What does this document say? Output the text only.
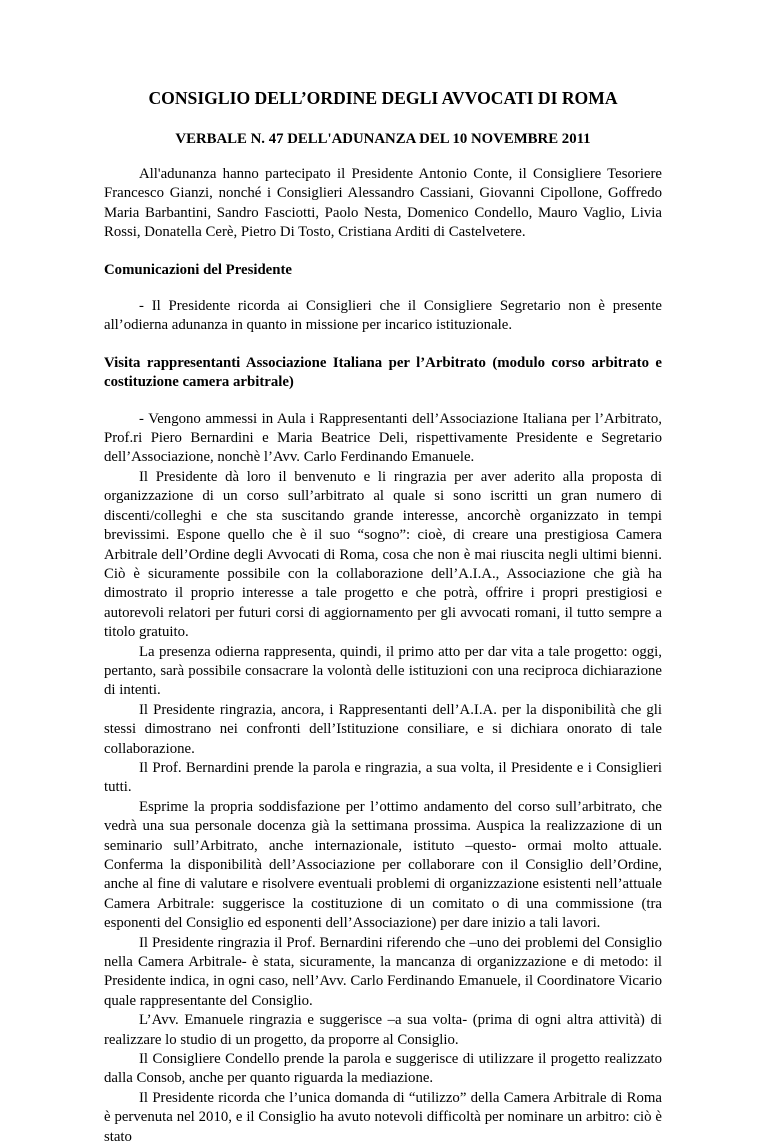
CONSIGLIO DELL’ORDINE DEGLI AVVOCATI DI ROMA
VERBALE N. 47 DELL'ADUNANZA DEL 10 NOVEMBRE 2011

All'adunanza hanno partecipato il Presidente Antonio Conte, il Consigliere Tesoriere Francesco Gianzi, nonché i Consiglieri Alessandro Cassiani, Giovanni Cipollone, Goffredo Maria Barbantini, Sandro Fasciotti, Paolo Nesta, Domenico Condello, Mauro Vaglio, Livia Rossi, Donatella Cerè, Pietro Di Tosto, Cristiana Arditi di Castelvetere.

Comunicazioni del Presidente

- Il Presidente ricorda ai Consiglieri che il Consigliere Segretario non è presente all’odierna adunanza in quanto in missione per incarico istituzionale.

Visita rappresentanti Associazione Italiana per l’Arbitrato (modulo corso arbitrato e costituzione camera arbitrale)

- Vengono ammessi in Aula i Rappresentanti dell’Associazione Italiana per l’Arbitrato, Prof.ri Piero Bernardini e Maria Beatrice Deli, rispettivamente Presidente e Segretario dell’Associazione, nonchè l’Avv. Carlo Ferdinando Emanuele.

Il Presidente dà loro il benvenuto e li ringrazia per aver aderito alla proposta di organizzazione di un corso sull’arbitrato al quale si sono iscritti un gran numero di discenti/colleghi e che sta suscitando grande interesse, ancorchè organizzato in tempi brevissimi. Espone quello che è il suo “sogno”: cioè, di creare una prestigiosa Camera Arbitrale dell’Ordine degli Avvocati di Roma, cosa che non è mai riuscita negli ultimi bienni. Ciò è sicuramente possibile con la collaborazione dell’A.I.A., Associazione che già ha dimostrato il proprio interesse a tale progetto e che potrà, offrire i propri prestigiosi e autorevoli relatori per futuri corsi di aggiornamento per gli avvocati romani, il tutto sempre a titolo gratuito.

La presenza odierna rappresenta, quindi, il primo atto per dar vita a tale progetto: oggi, pertanto, sarà possibile consacrare la volontà delle istituzioni con una reciproca dichiarazione di intenti.

Il Presidente ringrazia, ancora, i Rappresentanti dell’A.I.A. per la disponibilità che gli stessi dimostrano nei confronti dell’Istituzione consiliare, e si dichiara onorato di tale collaborazione.

Il Prof. Bernardini prende la parola e ringrazia, a sua volta, il Presidente e i Consiglieri tutti.

Esprime la propria soddisfazione per l’ottimo andamento del corso sull’arbitrato, che vedrà una sua personale docenza già la settimana prossima. Auspica la realizzazione di un seminario sull’Arbitrato, anche internazionale, istituto –questo- ormai molto attuale. Conferma la disponibilità dell’Associazione per collaborare con il Consiglio dell’Ordine, anche al fine di valutare e risolvere eventuali problemi di organizzazione esistenti nell’attuale Camera Arbitrale: suggerisce la costituzione di un comitato o di una commissione (tra esponenti del Consiglio ed esponenti dell’Associazione) per dare inizio a tali lavori.

Il Presidente ringrazia il Prof. Bernardini riferendo che –uno dei problemi del Consiglio nella Camera Arbitrale- è stata, sicuramente, la mancanza di organizzazione e di metodo: il Presidente indica, in ogni caso, nell’Avv. Carlo Ferdinando Emanuele, il Coordinatore Vicario quale rappresentante del Consiglio.

L’Avv. Emanuele ringrazia e suggerisce –a sua volta- (prima di ogni altra attività) di realizzare lo studio di un progetto, da proporre al Consiglio.

Il Consigliere Condello prende la parola e suggerisce di utilizzare il progetto realizzato dalla Consob, anche per quanto riguarda la mediazione.

Il Presidente ricorda che l’unica domanda di “utilizzo” della Camera Arbitrale di Roma è pervenuta nel 2010, e il Consiglio ha avuto notevoli difficoltà per nominare un arbitro: ciò è stato
